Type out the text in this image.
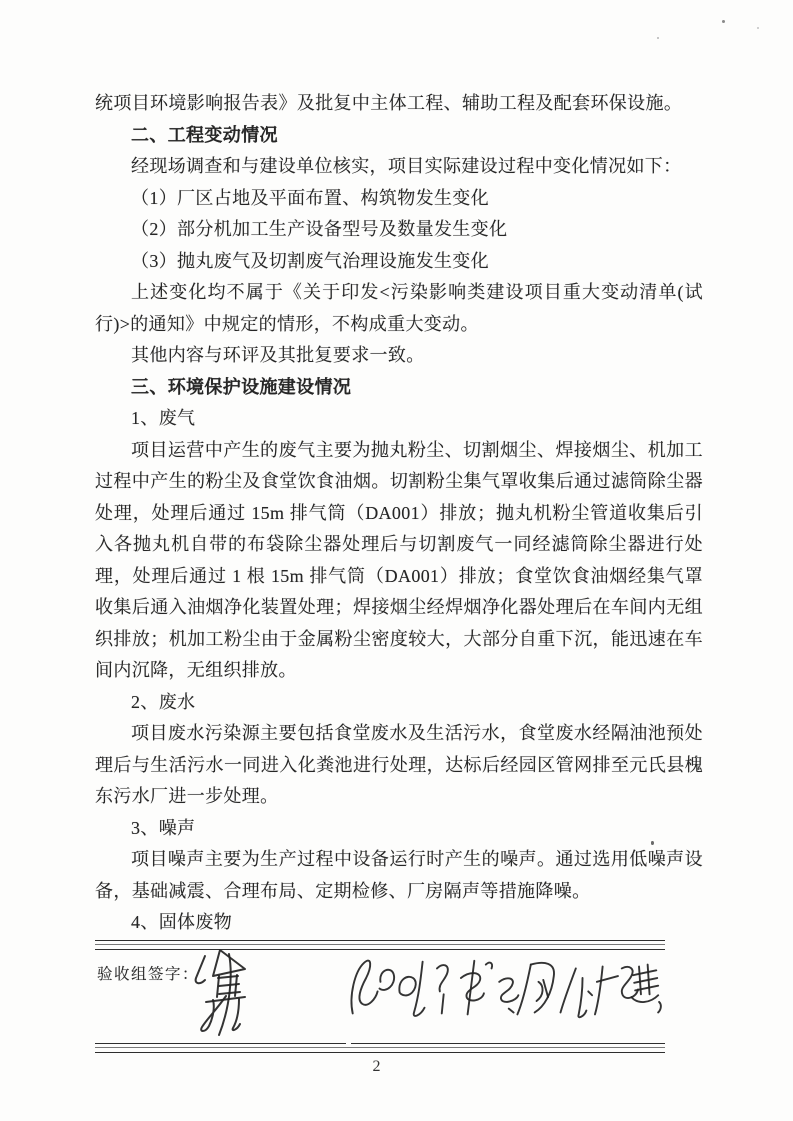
统项目环境影响报告表》及批复中主体工程、辅助工程及配套环保设施。
二、工程变动情况
经现场调查和与建设单位核实，项目实际建设过程中变化情况如下：
（1）厂区占地及平面布置、构筑物发生变化
（2）部分机加工生产设备型号及数量发生变化
（3）抛丸废气及切割废气治理设施发生变化
上述变化均不属于《关于印发<污染影响类建设项目重大变动清单(试行)>的通知》中规定的情形，不构成重大变动。
其他内容与环评及其批复要求一致。
三、环境保护设施建设情况
1、废气
项目运营中产生的废气主要为抛丸粉尘、切割烟尘、焊接烟尘、机加工过程中产生的粉尘及食堂饮食油烟。切割粉尘集气罩收集后通过滤筒除尘器处理，处理后通过 15m 排气筒（DA001）排放；抛丸机粉尘管道收集后引入各抛丸机自带的布袋除尘器处理后与切割废气一同经滤筒除尘器进行处理，处理后通过 1 根 15m 排气筒（DA001）排放；食堂饮食油烟经集气罩收集后通入油烟净化装置处理；焊接烟尘经焊烟净化器处理后在车间内无组织排放；机加工粉尘由于金属粉尘密度较大，大部分自重下沉，能迅速在车间内沉降，无组织排放。
2、废水
项目废水污染源主要包括食堂废水及生活污水，食堂废水经隔油池预处理后与生活污水一同进入化粪池进行处理，达标后经园区管网排至元氏县槐东污水厂进一步处理。
3、噪声
项目噪声主要为生产过程中设备运行时产生的噪声。通过选用低噪声设备，基础减震、合理布局、定期检修、厂房隔声等措施降噪。
4、固体废物
验收组签字：
2
